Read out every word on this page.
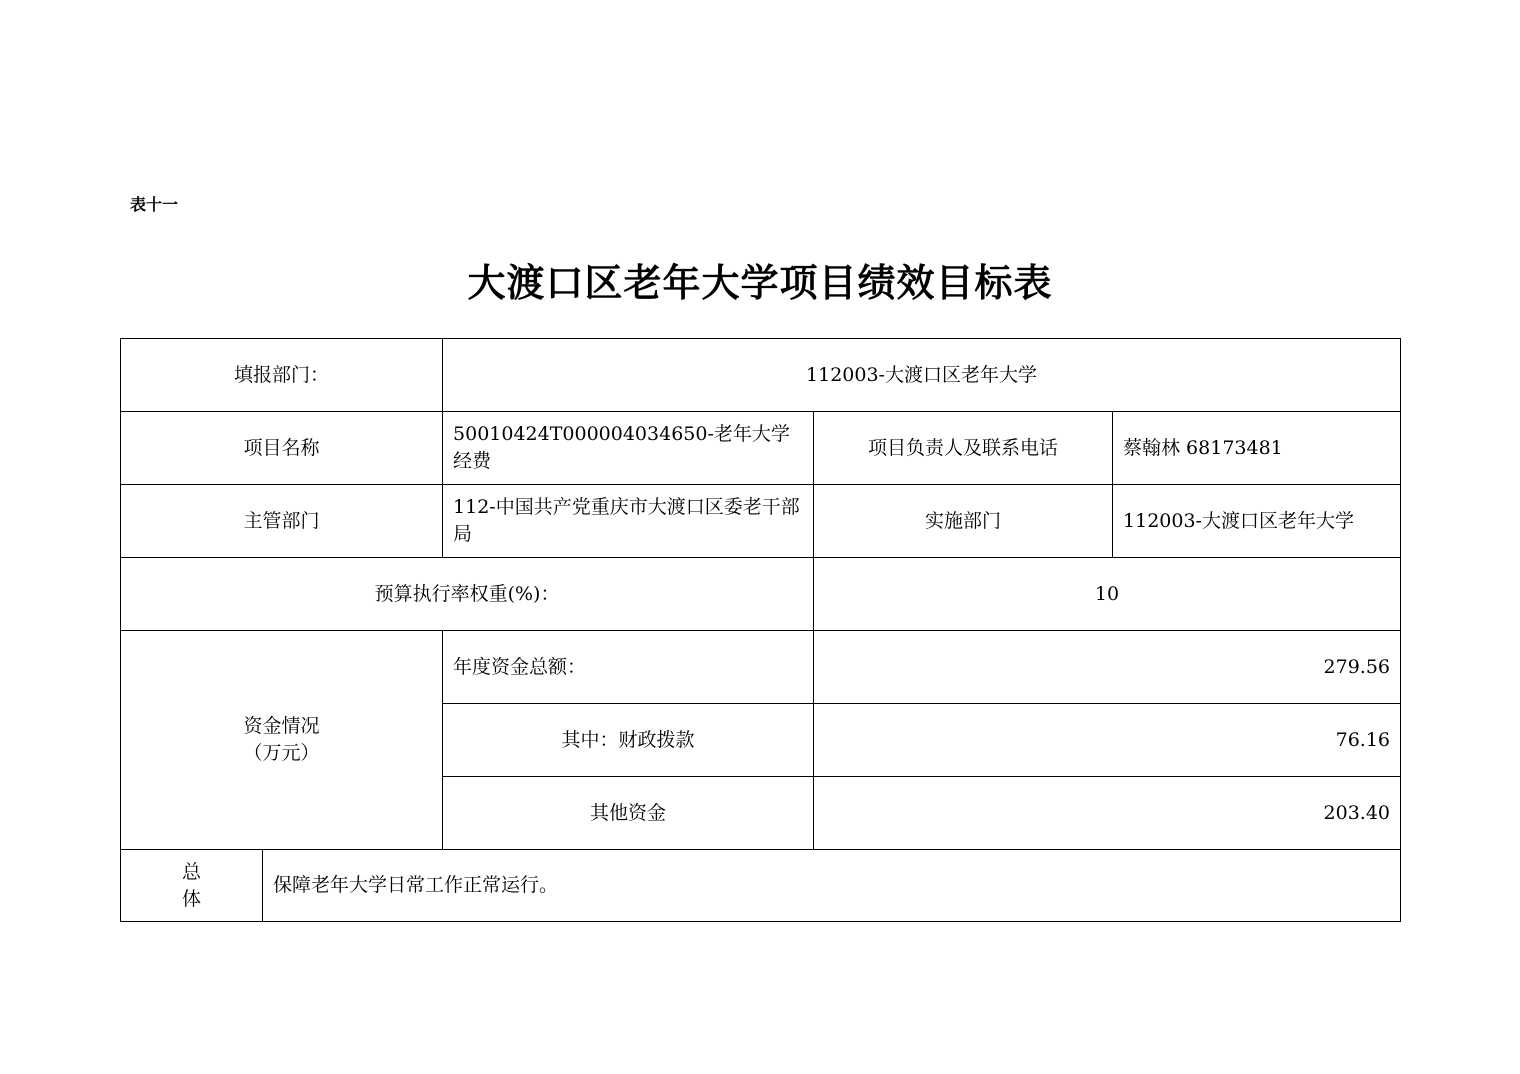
表十一
大渡口区老年大学项目绩效目标表
填报部门：		112003-大渡口区老年大学		
项目名称		50010424T000004034650-老年大学经费	项目负责人及联系电话	蔡翰林 68173481
主管部门		112-中国共产党重庆市大渡口区委老干部局	实施部门	112003-大渡口区老年大学
预算执行率权重(%)：			10	

资金情况
（万元）		年度资金总额：	279.56	
		其中：财政拨款	76.16	
		其他资金	203.40	

总
体	保障老年大学日常工作正常运行。			
